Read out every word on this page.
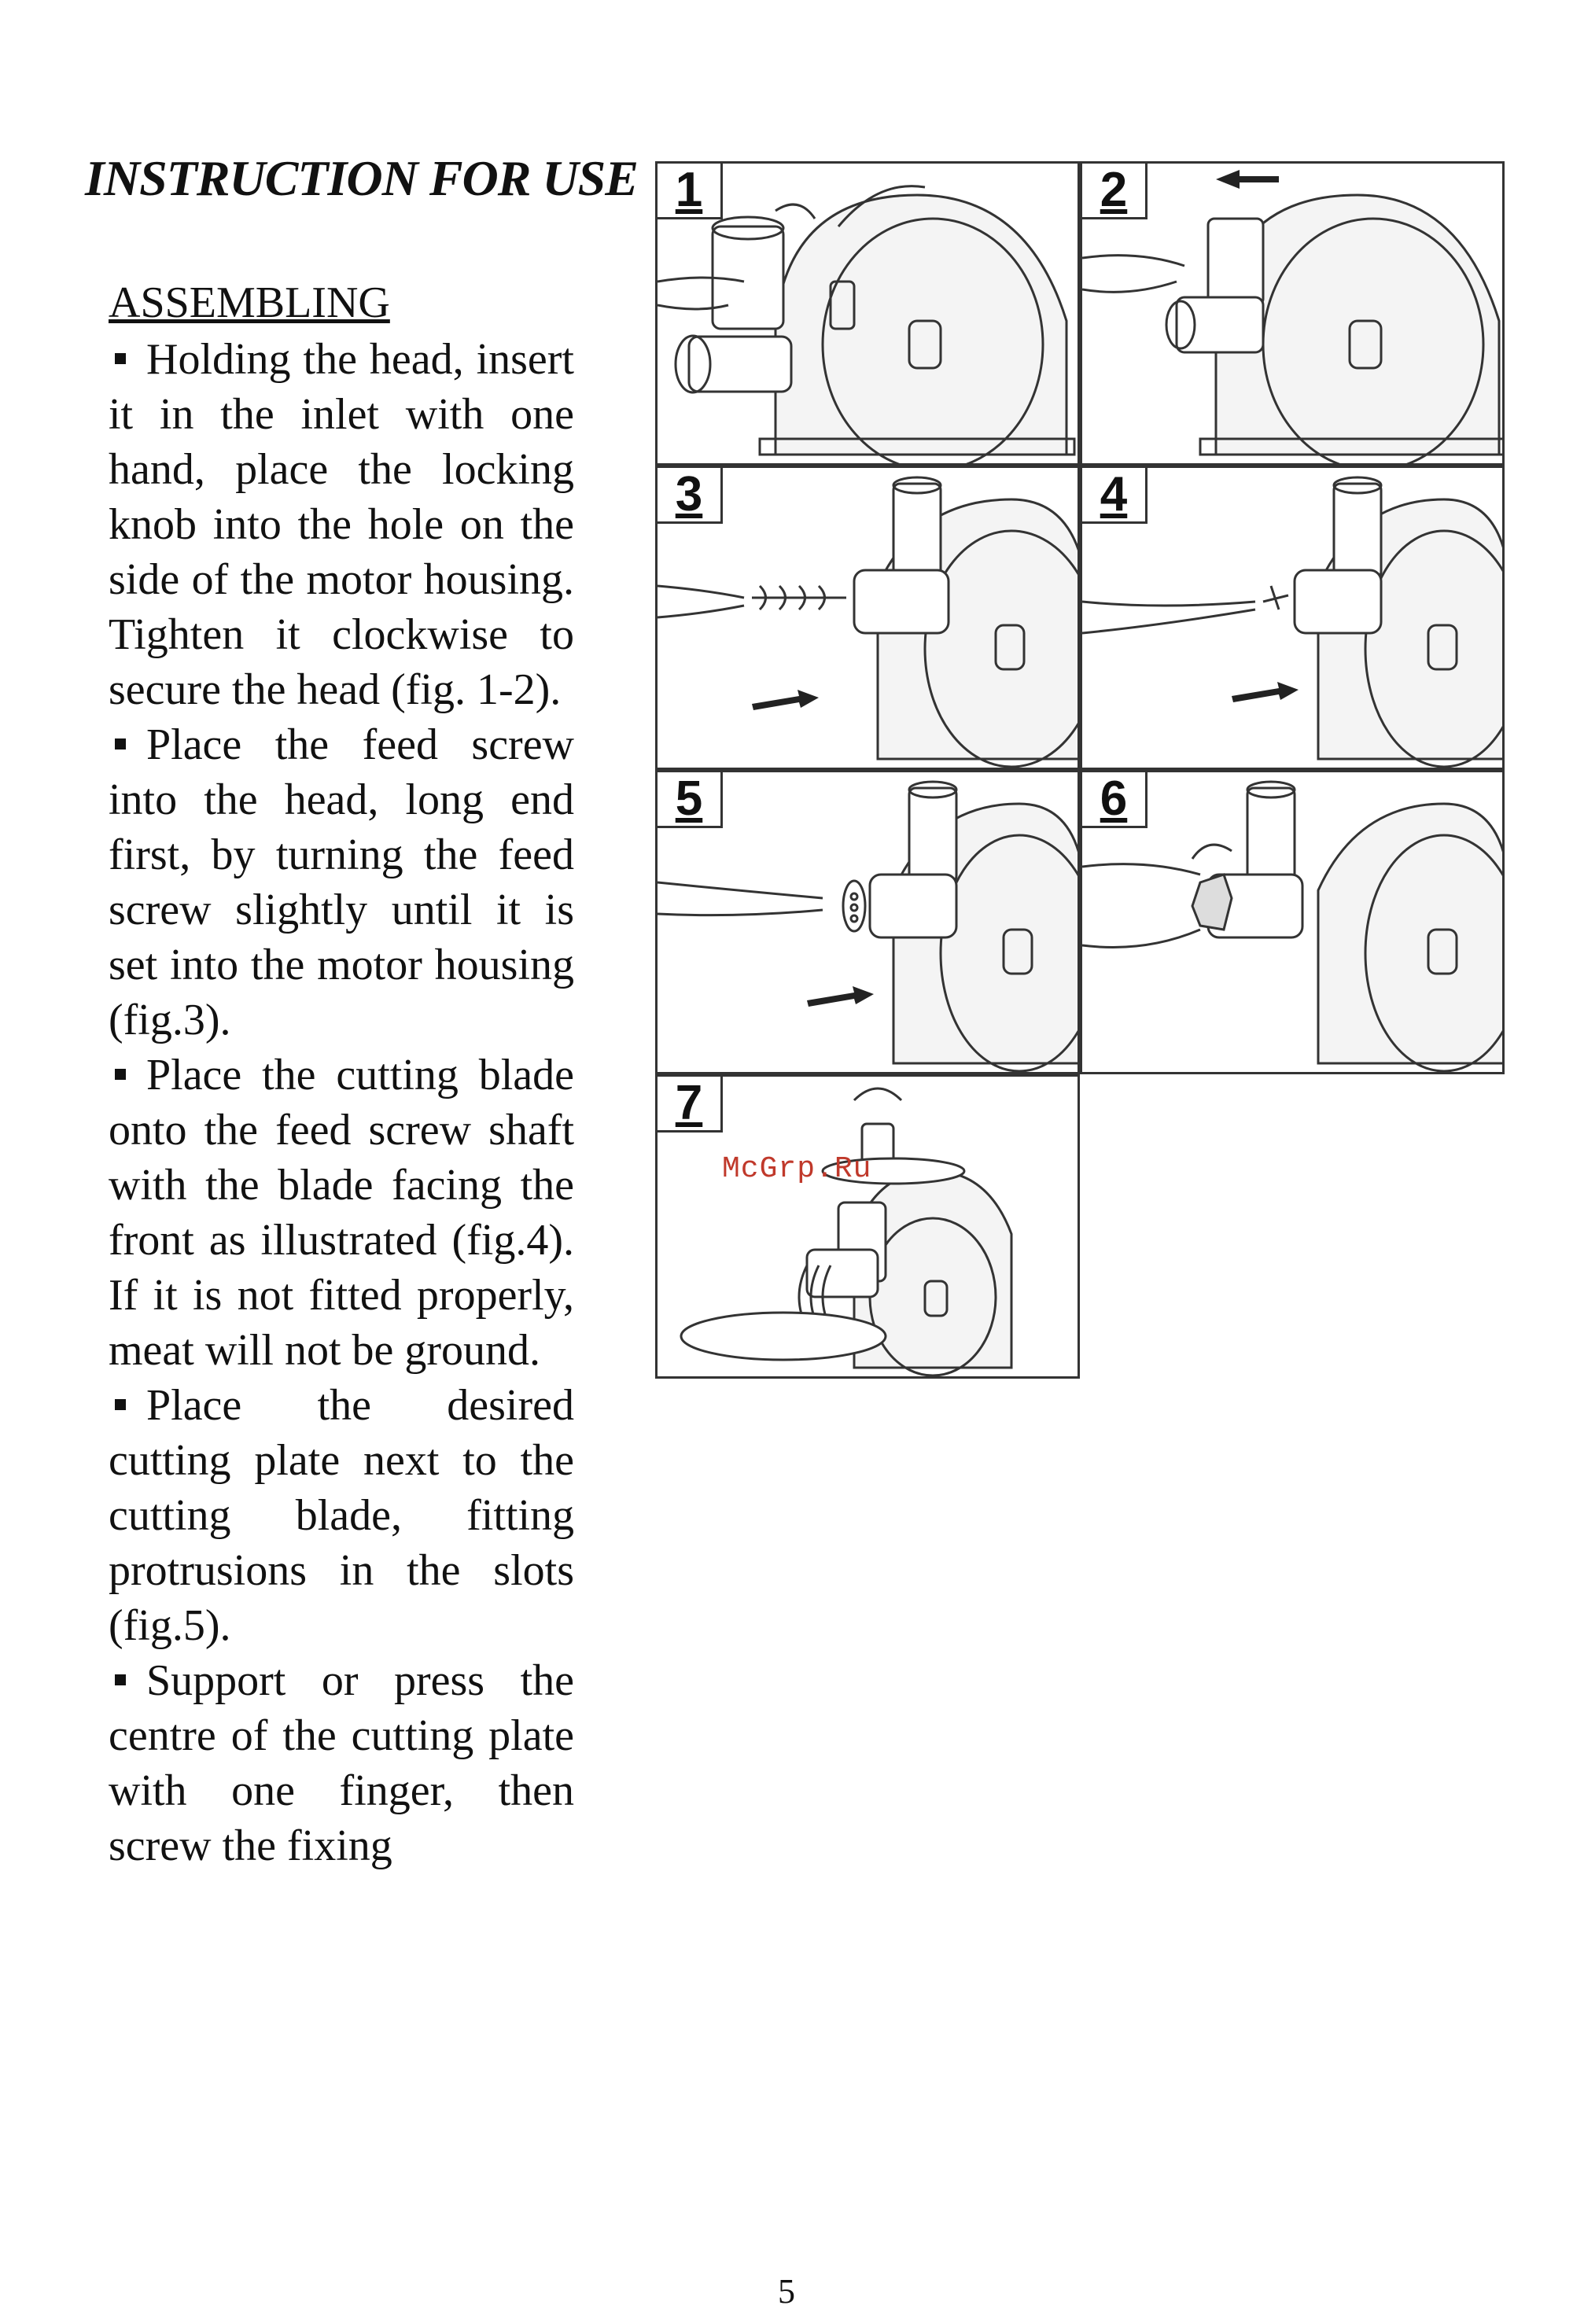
INSTRUCTION FOR USE
ASSEMBLING

Holding the head, insert it in the inlet with one hand, place the locking knob into the hole on the side of the motor housing. Tighten it clockwise to secure the head (fig. 1-2).

Place the feed screw into the head, long end first, by turning the feed screw slightly until it is set into the motor housing (fig.3).

Place the cutting blade onto the feed screw shaft with the blade facing the front as illustrated (fig.4). If it is not fitted properly, meat will not be ground.

Place the desired cutting plate next to the cutting blade, fitting protrusions in the slots (fig.5).

Support or press the centre of the cutting plate with one finger, then screw the fixing

1	2
3	4
5	6
7
McGrp.Ru
5
